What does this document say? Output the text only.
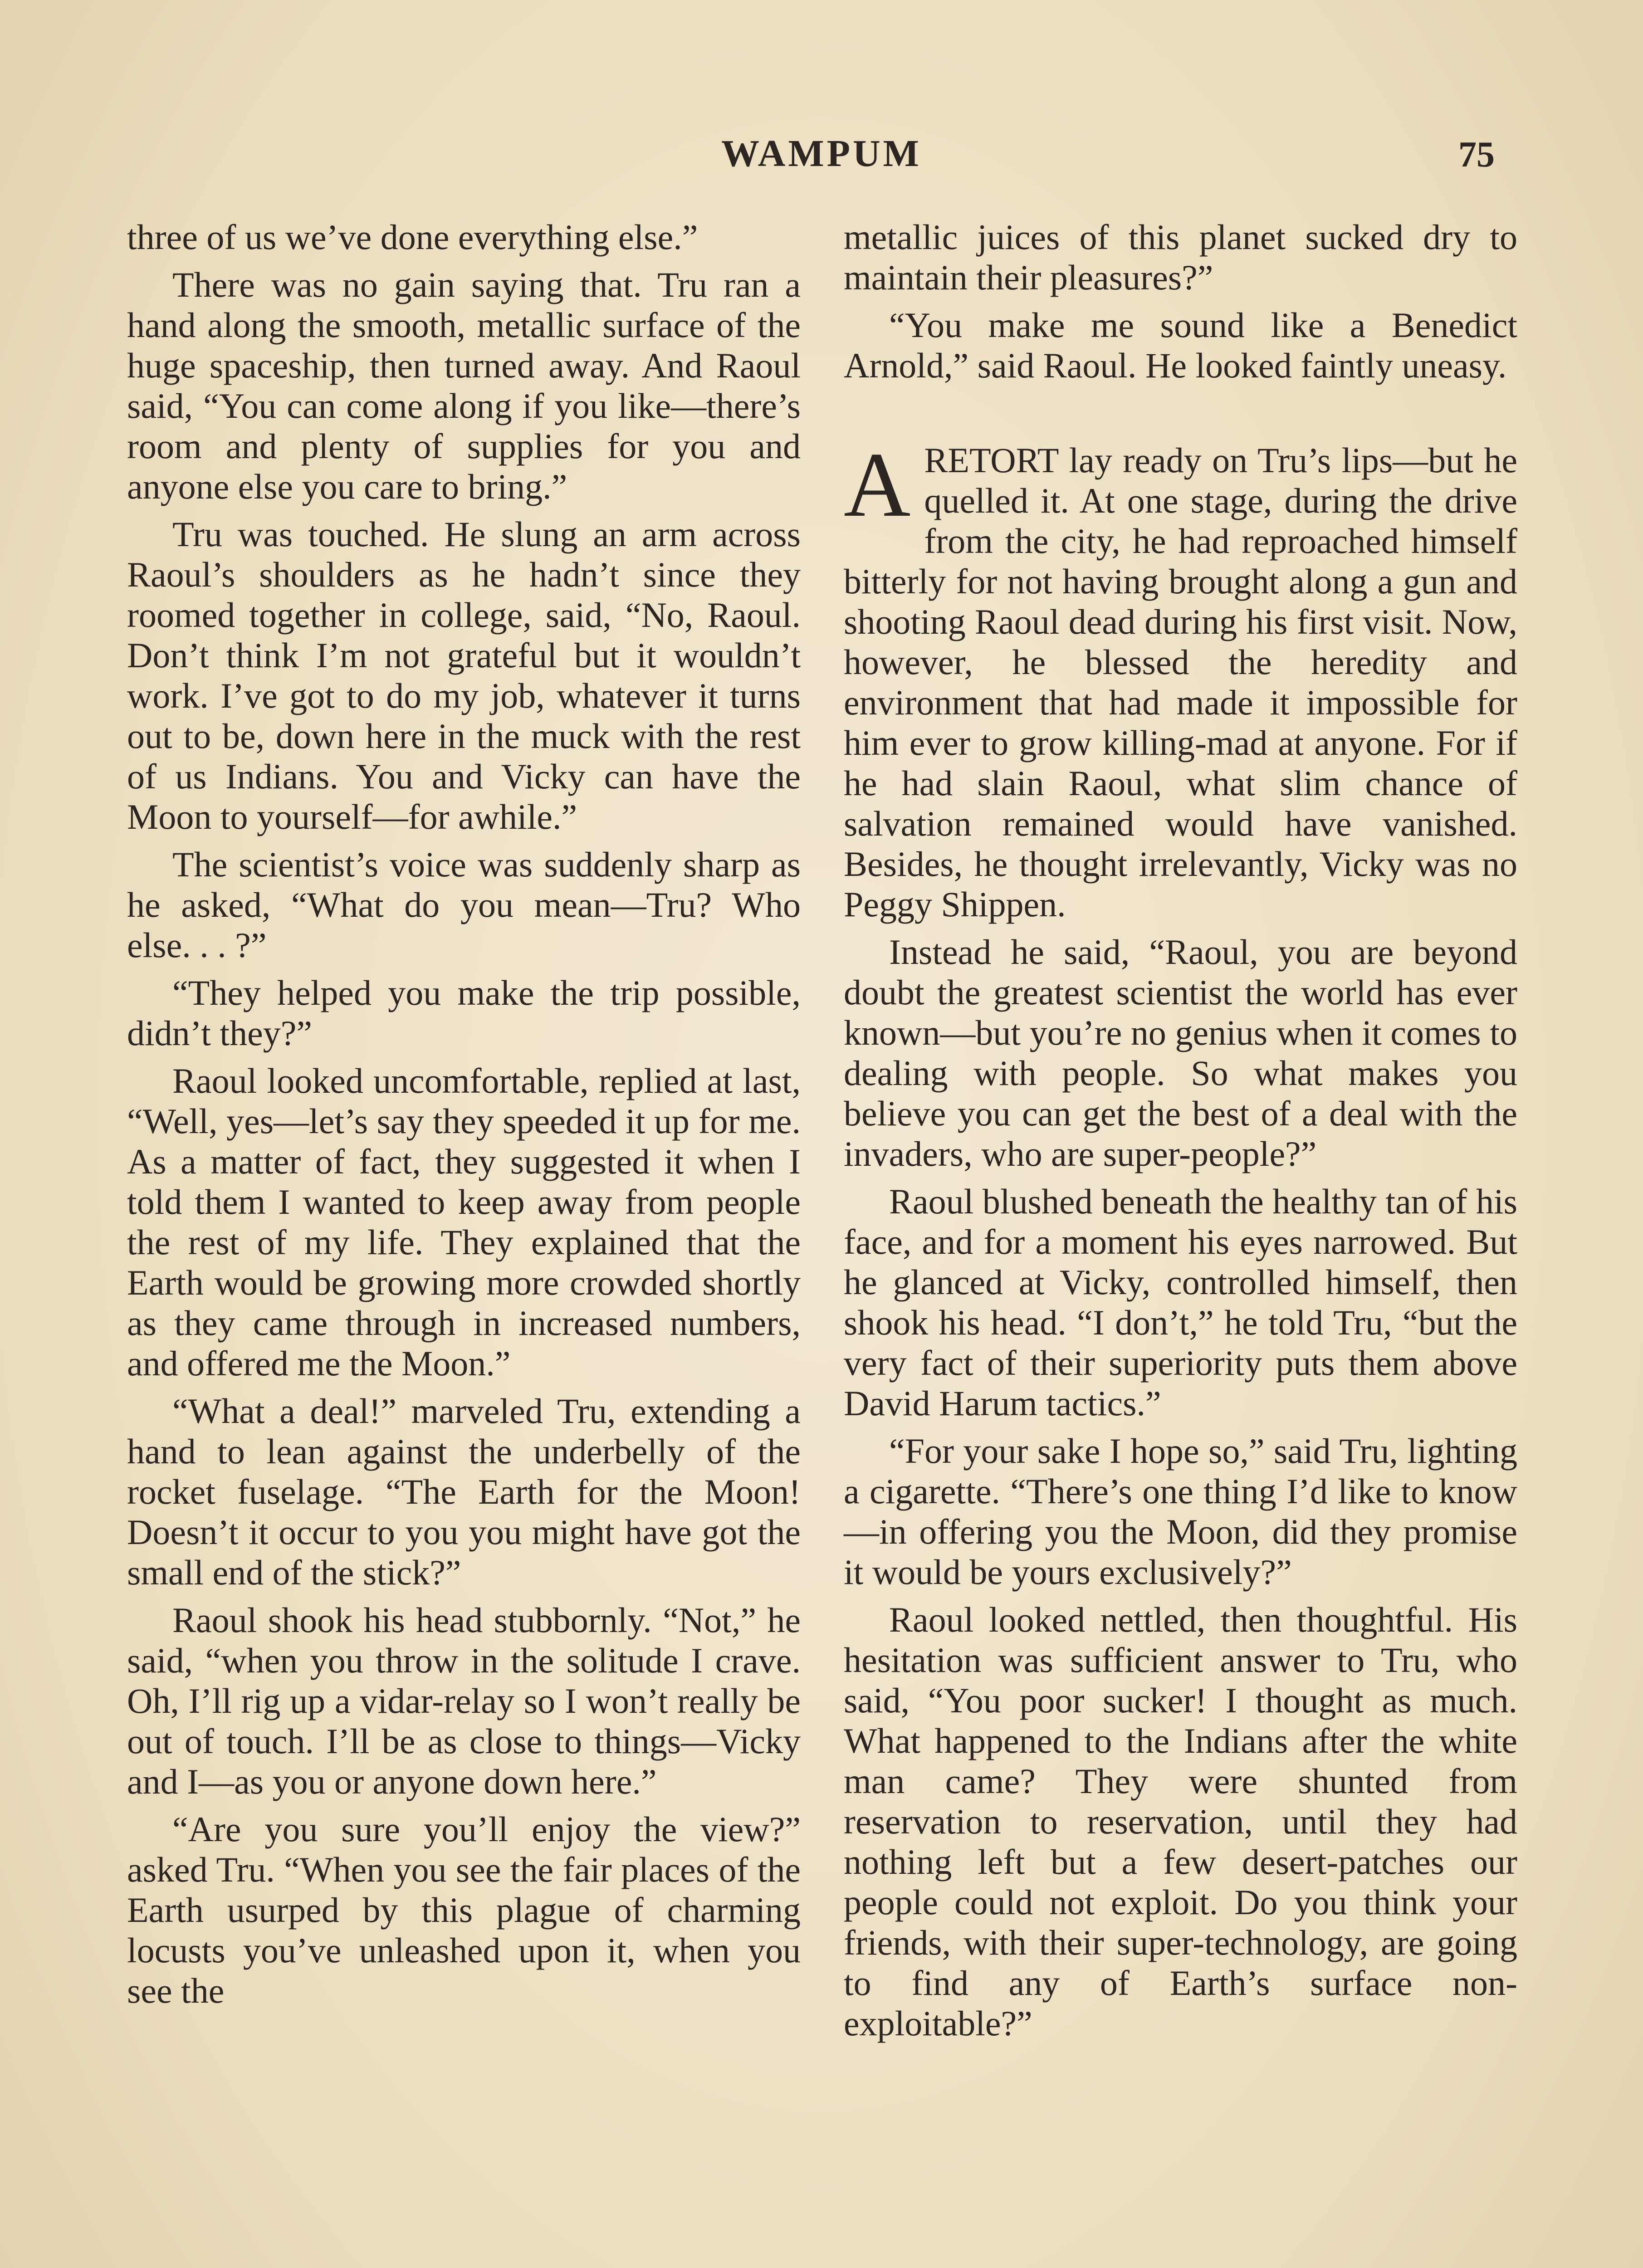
WAMPUM	75

three of us we’ve done everything else.”

There was no gain saying that. Tru ran a hand along the smooth, metallic surface of the huge spaceship, then turned away. And Raoul said, “You can come along if you like—there’s room and plenty of supplies for you and anyone else you care to bring.”

Tru was touched. He slung an arm across Raoul’s shoulders as he hadn’t since they roomed together in college, said, “No, Raoul. Don’t think I’m not grateful but it wouldn’t work. I’ve got to do my job, whatever it turns out to be, down here in the muck with the rest of us Indians. You and Vicky can have the Moon to yourself—for awhile.”

The scientist’s voice was suddenly sharp as he asked, “What do you mean—Tru? Who else. . . ?”

“They helped you make the trip possible, didn’t they?”

Raoul looked uncomfortable, replied at last, “Well, yes—let’s say they speeded it up for me. As a matter of fact, they suggested it when I told them I wanted to keep away from people the rest of my life. They explained that the Earth would be growing more crowded shortly as they came through in increased numbers, and offered me the Moon.”

“What a deal!” marveled Tru, extending a hand to lean against the underbelly of the rocket fuselage. “The Earth for the Moon! Doesn’t it occur to you you might have got the small end of the stick?”

Raoul shook his head stubbornly. “Not,” he said, “when you throw in the solitude I crave. Oh, I’ll rig up a vidar-relay so I won’t really be out of touch. I’ll be as close to things—Vicky and I—as you or anyone down here.”

“Are you sure you’ll enjoy the view?” asked Tru. “When you see the fair places of the Earth usurped by this plague of charming locusts you’ve unleashed upon it, when you see the

metallic juices of this planet sucked dry to maintain their pleasures?”

“You make me sound like a Benedict Arnold,” said Raoul. He looked faintly uneasy.

A RETORT lay ready on Tru’s lips—but he quelled it. At one stage, during the drive from the city, he had reproached himself bitterly for not having brought along a gun and shooting Raoul dead during his first visit. Now, however, he blessed the heredity and environment that had made it impossible for him ever to grow killing-mad at anyone. For if he had slain Raoul, what slim chance of salvation remained would have vanished. Besides, he thought irrelevantly, Vicky was no Peggy Shippen.

Instead he said, “Raoul, you are beyond doubt the greatest scientist the world has ever known—but you’re no genius when it comes to dealing with people. So what makes you believe you can get the best of a deal with the invaders, who are super-people?”

Raoul blushed beneath the healthy tan of his face, and for a moment his eyes narrowed. But he glanced at Vicky, controlled himself, then shook his head. “I don’t,” he told Tru, “but the very fact of their superiority puts them above David Harum tactics.”

“For your sake I hope so,” said Tru, lighting a cigarette. “There’s one thing I’d like to know—in offering you the Moon, did they promise it would be yours exclusively?”

Raoul looked nettled, then thoughtful. His hesitation was sufficient answer to Tru, who said, “You poor sucker! I thought as much. What happened to the Indians after the white man came? They were shunted from reservation to reservation, until they had nothing left but a few desert-patches our people could not exploit. Do you think your friends, with their super-technology, are going to find any of Earth’s surface non-exploitable?”
